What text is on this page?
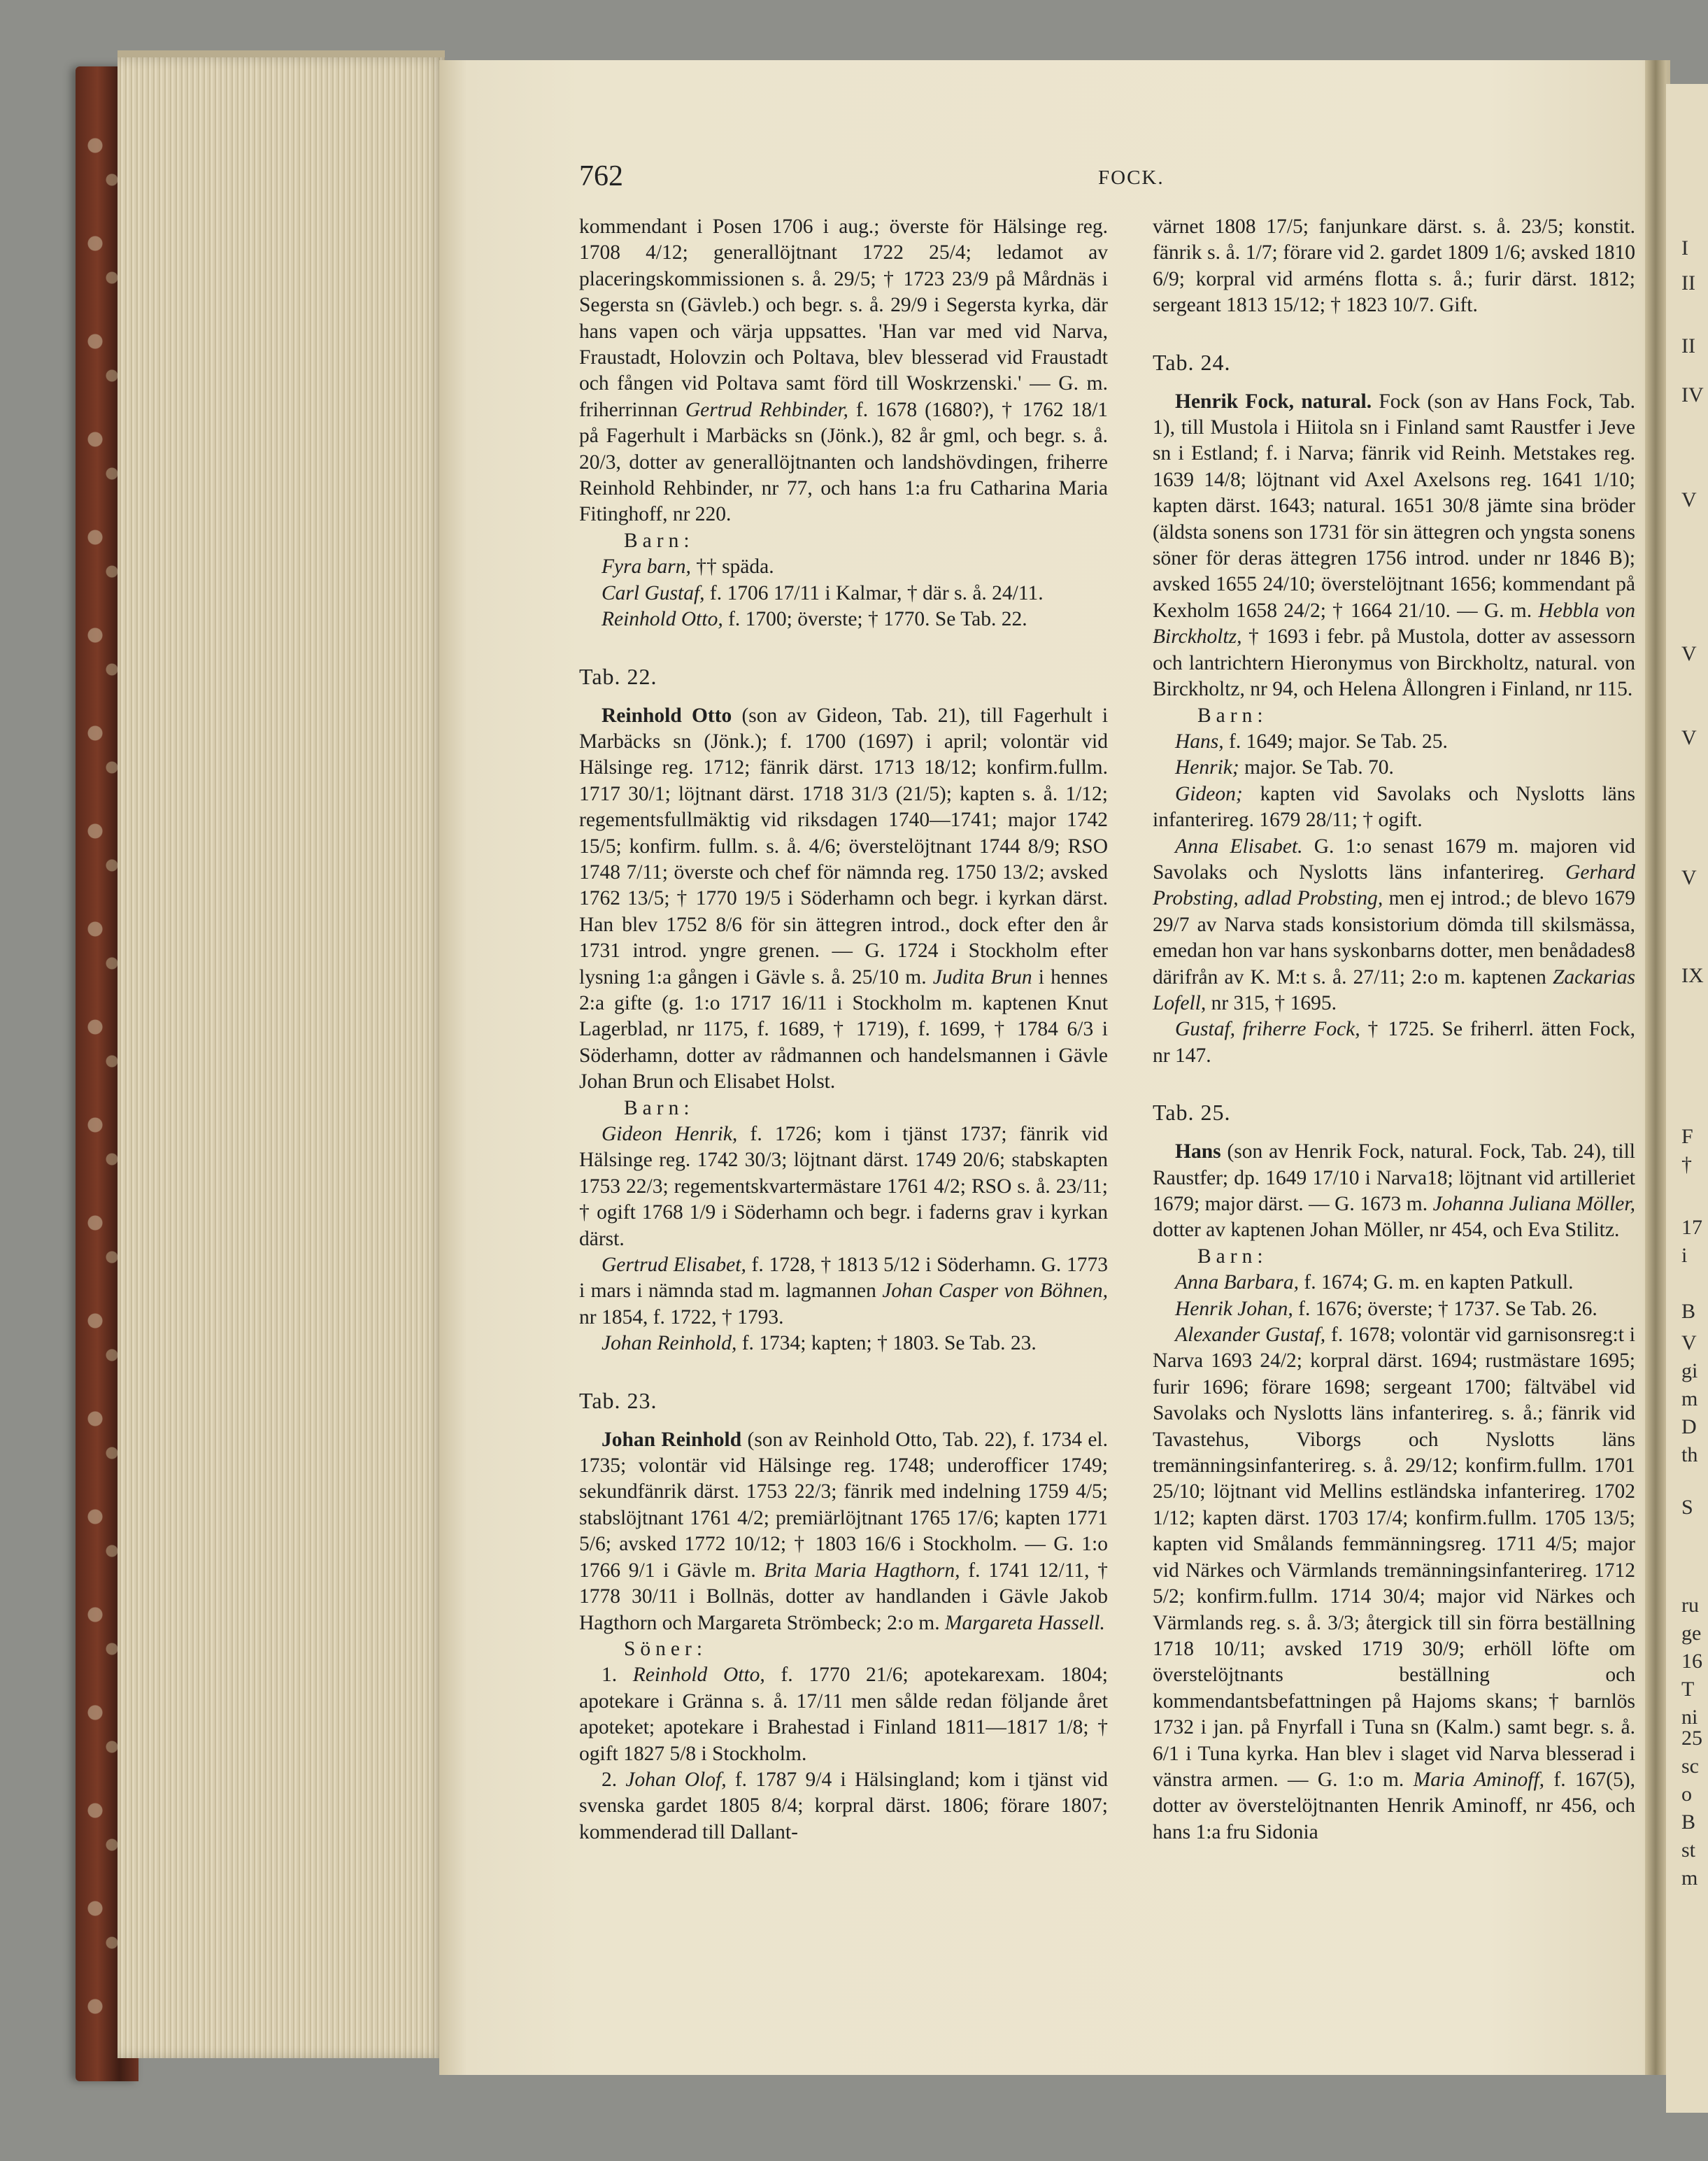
I
II
II
IV
V
V
V
V
IX
F
†
17
i
B
V
gi
m
D
th
S
ru
ge
16
T
ni
25
sc
o
B
st
m
762	FOCK.

kommendant i Posen 1706 i aug.; överste för Hälsinge reg. 1708 4/12; generallöjtnant 1722 25/4; ledamot av placeringskommissionen s. å. 29/5; † 1723 23/9 på Mårdnäs i Segersta sn (Gävleb.) och begr. s. å. 29/9 i Segersta kyrka, där hans vapen och värja uppsattes. 'Han var med vid Narva, Fraustadt, Holovzin och Poltava, blev blesserad vid Fraustadt och fången vid Poltava samt förd till Woskrzenski.' — G. m. friherrinnan Gertrud Rehbinder, f. 1678 (1680?), † 1762 18/1 på Fagerhult i Marbäcks sn (Jönk.), 82 år gml, och begr. s. å. 20/3, dotter av generallöjtnanten och landshövdingen, friherre Reinhold Rehbinder, nr 77, och hans 1:a fru Catharina Maria Fitinghoff, nr 220.

Barn:

Fyra barn, †† späda.

Carl Gustaf, f. 1706 17/11 i Kalmar, † där s. å. 24/11.

Reinhold Otto, f. 1700; överste; † 1770. Se Tab. 22.

Tab. 22.

Reinhold Otto (son av Gideon, Tab. 21), till Fagerhult i Marbäcks sn (Jönk.); f. 1700 (1697) i april; volontär vid Hälsinge reg. 1712; fänrik därst. 1713 18/12; konfirm.fullm. 1717 30/1; löjtnant därst. 1718 31/3 (21/5); kapten s. å. 1/12; regementsfullmäktig vid riksdagen 1740—1741; major 1742 15/5; konfirm. fullm. s. å. 4/6; överstelöjtnant 1744 8/9; RSO 1748 7/11; överste och chef för nämnda reg. 1750 13/2; avsked 1762 13/5; † 1770 19/5 i Söderhamn och begr. i kyrkan därst. Han blev 1752 8/6 för sin ättegren introd., dock efter den år 1731 introd. yngre grenen. — G. 1724 i Stockholm efter lysning 1:a gången i Gävle s. å. 25/10 m. Judita Brun i hennes 2:a gifte (g. 1:o 1717 16/11 i Stockholm m. kaptenen Knut Lagerblad, nr 1175, f. 1689, † 1719), f. 1699, † 1784 6/3 i Söderhamn, dotter av rådmannen och handelsmannen i Gävle Johan Brun och Elisabet Holst.

Barn:

Gideon Henrik, f. 1726; kom i tjänst 1737; fänrik vid Hälsinge reg. 1742 30/3; löjtnant därst. 1749 20/6; stabskapten 1753 22/3; regementskvartermästare 1761 4/2; RSO s. å. 23/11; † ogift 1768 1/9 i Söderhamn och begr. i faderns grav i kyrkan därst.

Gertrud Elisabet, f. 1728, † 1813 5/12 i Söderhamn. G. 1773 i mars i nämnda stad m. lagmannen Johan Casper von Böhnen, nr 1854, f. 1722, † 1793.

Johan Reinhold, f. 1734; kapten; † 1803. Se Tab. 23.

Tab. 23.

Johan Reinhold (son av Reinhold Otto, Tab. 22), f. 1734 el. 1735; volontär vid Hälsinge reg. 1748; underofficer 1749; sekundfänrik därst. 1753 22/3; fänrik med indelning 1759 4/5; stabslöjtnant 1761 4/2; premiärlöjtnant 1765 17/6; kapten 1771 5/6; avsked 1772 10/12; † 1803 16/6 i Stockholm. — G. 1:o 1766 9/1 i Gävle m. Brita Maria Hagthorn, f. 1741 12/11, † 1778 30/11 i Bollnäs, dotter av handlanden i Gävle Jakob Hagthorn och Margareta Strömbeck; 2:o m. Margareta Hassell.

Söner:

1. Reinhold Otto, f. 1770 21/6; apotekarexam. 1804; apotekare i Gränna s. å. 17/11 men sålde redan följande året apoteket; apotekare i Brahestad i Finland 1811—1817 1/8; † ogift 1827 5/8 i Stockholm.

2. Johan Olof, f. 1787 9/4 i Hälsingland; kom i tjänst vid svenska gardet 1805 8/4; korpral därst. 1806; förare 1807; kommenderad till Dallant-

värnet 1808 17/5; fanjunkare därst. s. å. 23/5; konstit. fänrik s. å. 1/7; förare vid 2. gardet 1809 1/6; avsked 1810 6/9; korpral vid arméns flotta s. å.; furir därst. 1812; sergeant 1813 15/12; † 1823 10/7. Gift.

Tab. 24.

Henrik Fock, natural. Fock (son av Hans Fock, Tab. 1), till Mustola i Hiitola sn i Finland samt Raustfer i Jeve sn i Estland; f. i Narva; fänrik vid Reinh. Metstakes reg. 1639 14/8; löjtnant vid Axel Axelsons reg. 1641 1/10; kapten därst. 1643; natural. 1651 30/8 jämte sina bröder (äldsta sonens son 1731 för sin ättegren och yngsta sonens söner för deras ättegren 1756 introd. under nr 1846 B); avsked 1655 24/10; överstelöjtnant 1656; kommendant på Kexholm 1658 24/2; † 1664 21/10. — G. m. Hebbla von Birckholtz, † 1693 i febr. på Mustola, dotter av assessorn och lantrichtern Hieronymus von Birckholtz, natural. von Birckholtz, nr 94, och Helena Ållongren i Finland, nr 115.

Barn:

Hans, f. 1649; major. Se Tab. 25.

Henrik; major. Se Tab. 70.

Gideon; kapten vid Savolaks och Nyslotts läns infanterireg. 1679 28/11; † ogift.

Anna Elisabet. G. 1:o senast 1679 m. majoren vid Savolaks och Nyslotts läns infanterireg. Gerhard Probsting, adlad Probsting, men ej introd.; de blevo 1679 29/7 av Narva stads konsistorium dömda till skilsmässa, emedan hon var hans syskonbarns dotter, men benådades8 därifrån av K. M:t s. å. 27/11; 2:o m. kaptenen Zackarias Lofell, nr 315, † 1695.

Gustaf, friherre Fock, † 1725. Se friherrl. ätten Fock, nr 147.

Tab. 25.

Hans (son av Henrik Fock, natural. Fock, Tab. 24), till Raustfer; dp. 1649 17/10 i Narva18; löjtnant vid artilleriet 1679; major därst. — G. 1673 m. Johanna Juliana Möller, dotter av kaptenen Johan Möller, nr 454, och Eva Stilitz.

Barn:

Anna Barbara, f. 1674; G. m. en kapten Patkull.

Henrik Johan, f. 1676; överste; † 1737. Se Tab. 26.

Alexander Gustaf, f. 1678; volontär vid garnisonsreg:t i Narva 1693 24/2; korpral därst. 1694; rustmästare 1695; furir 1696; förare 1698; sergeant 1700; fältväbel vid Savolaks och Nyslotts läns infanterireg. s. å.; fänrik vid Tavastehus, Viborgs och Nyslotts läns tremänningsinfanterireg. s. å. 29/12; konfirm.fullm. 1701 25/10; löjtnant vid Mellins estländska infanterireg. 1702 1/12; kapten därst. 1703 17/4; konfirm.fullm. 1705 13/5; kapten vid Smålands femmänningsreg. 1711 4/5; major vid Närkes och Värmlands tremänningsinfanterireg. 1712 5/2; konfirm.fullm. 1714 30/4; major vid Närkes och Värmlands reg. s. å. 3/3; återgick till sin förra beställning 1718 10/11; avsked 1719 30/9; erhöll löfte om överstelöjtnants beställning och kommendantsbefattningen på Hajoms skans; † barnlös 1732 i jan. på Fnyrfall i Tuna sn (Kalm.) samt begr. s. å. 6/1 i Tuna kyrka. Han blev i slaget vid Narva blesserad i vänstra armen. — G. 1:o m. Maria Aminoff, f. 167(5), dotter av överstelöjtnanten Henrik Aminoff, nr 456, och hans 1:a fru Sidonia
